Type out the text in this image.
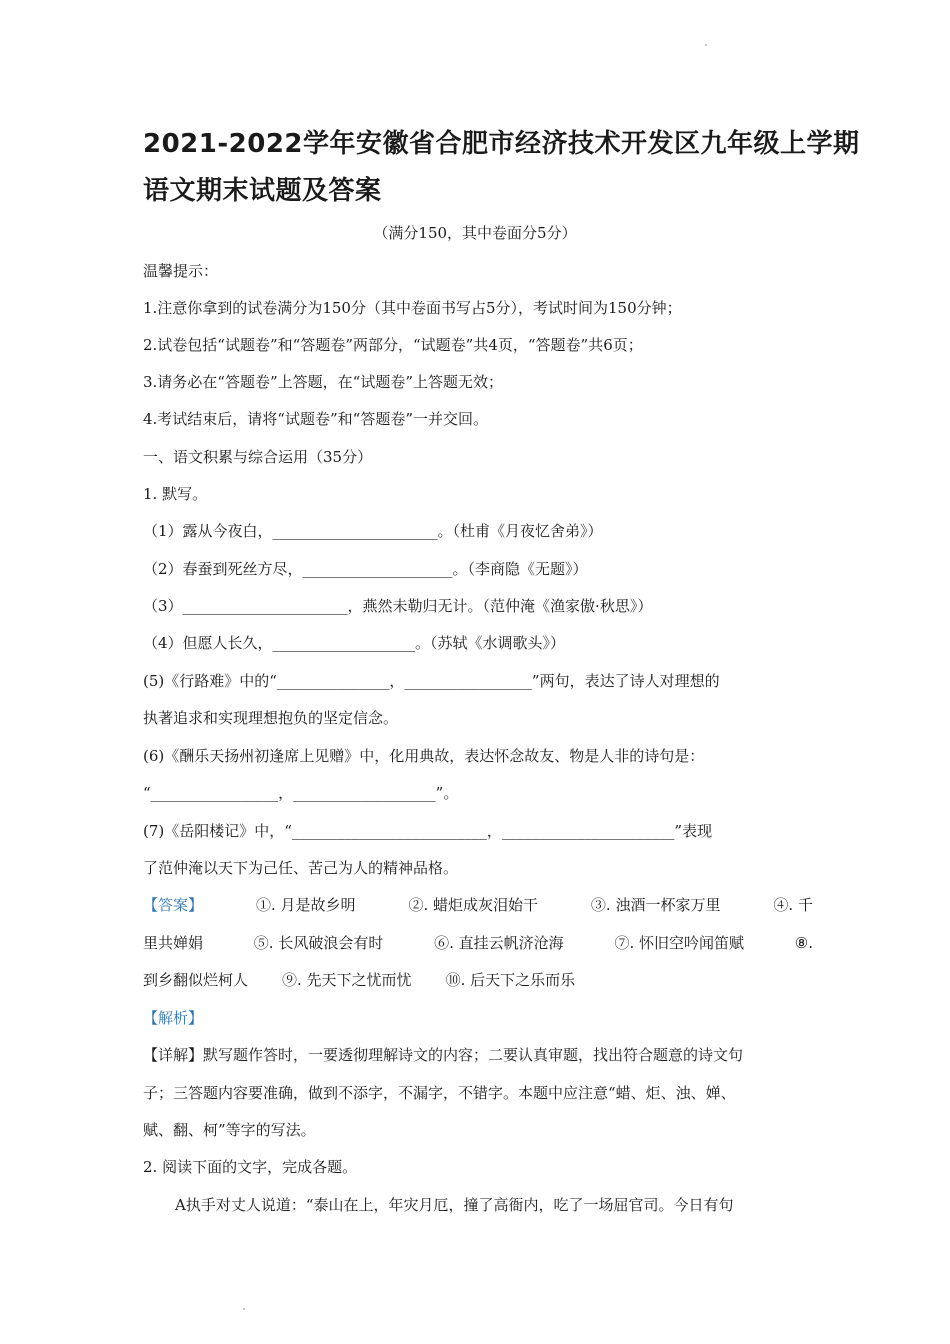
2021-2022学年安徽省合肥市经济技术开发区九年级上学期
语文期末试题及答案
（满分150，其中卷面分5分）
温馨提示：
1.注意你拿到的试卷满分为150分（其中卷面书写占5分），考试时间为150分钟；
2.试卷包括“试题卷”和“答题卷”两部分，“试题卷”共4页，“答题卷”共6页；
3.请务必在“答题卷”上答题，在“试题卷”上答题无效；
4.考试结束后，请将“试题卷”和“答题卷”一并交回。
一、语文积累与综合运用（35分）
1. 默写。
（1）露从今夜白，______________________。（杜甫《月夜忆舍弟》）
（2）春蚕到死丝方尽，____________________。（李商隐《无题》）
（3）______________________，燕然未勒归无计。（范仲淹《渔家傲·秋思》）
（4）但愿人长久，___________________。（苏轼《水调歌头》）
(5)《行路难》中的“_______________，_________________”两句，表达了诗人对理想的
执著追求和实现理想抱负的坚定信念。
(6)《酬乐天扬州初逢席上见赠》中，化用典故，表达怀念故友、物是人非的诗句是：
“_________________，___________________”。
(7)《岳阳楼记》中，“__________________________，_______________________”表现
了范仲淹以天下为己任、苦己为人的精神品格。
【答案】	①. 月是故乡明	②. 蜡炬成灰泪始干	③. 浊酒一杯家万里	④. 千
里共婵娟	⑤. 长风破浪会有时	⑥. 直挂云帆济沧海	⑦. 怀旧空吟闻笛赋	⑧.
到乡翻似烂柯人 ⑨. 先天下之忧而忧 ⑩. 后天下之乐而乐
【解析】
【详解】默写题作答时，一要透彻理解诗文的内容；二要认真审题，找出符合题意的诗文句
子；三答题内容要准确，做到不添字，不漏字，不错字。本题中应注意“蜡、炬、浊、婵、
赋、翻、柯”等字的写法。
2. 阅读下面的文字，完成各题。
A执手对丈人说道：“泰山在上，年灾月厄，撞了高衙内，吃了一场屈官司。今日有句
